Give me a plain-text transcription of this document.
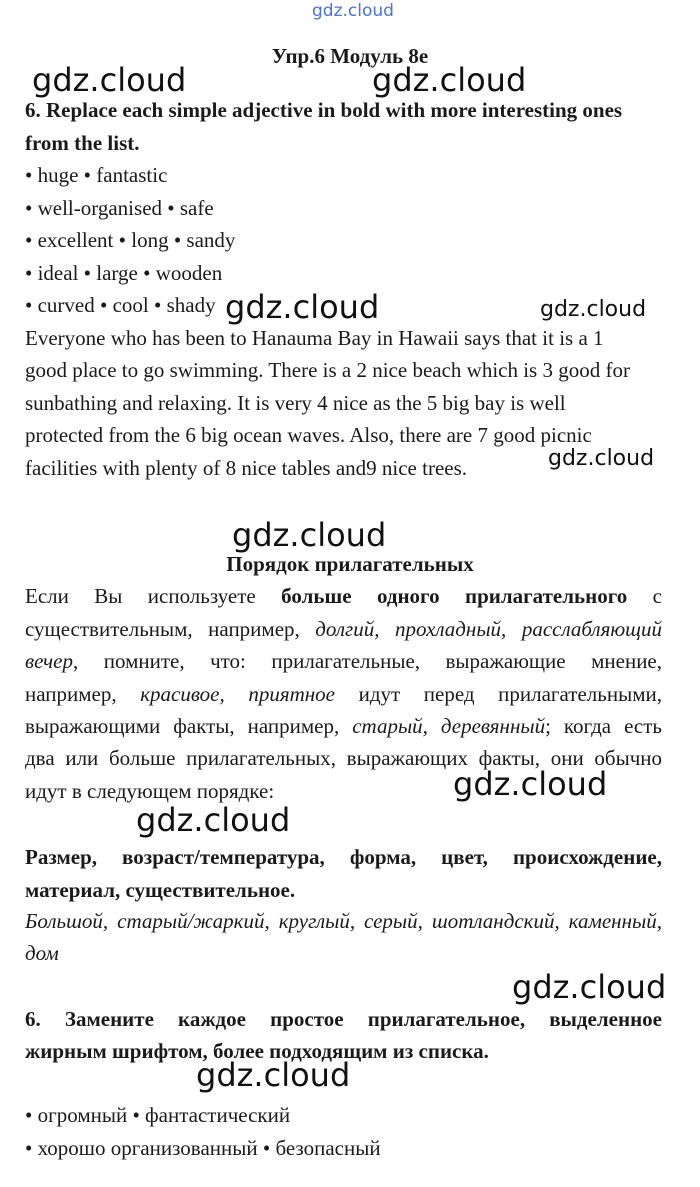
gdz.cloud
gdz.cloud	gdz.cloud
gdz.cloud	gdz.cloud
gdz.cloud
gdz.cloud
gdz.cloud
gdz.cloud
gdz.cloud
gdz.cloud
Упр.6 Модуль 8е
6. Replace each simple adjective in bold with more interesting ones
from the list.
• huge • fantastic
• well-organised • safe
• excellent • long • sandy
• ideal • large • wooden
• curved • cool • shady
Everyone who has been to Hanauma Bay in Hawaii says that it is a 1
good place to go swimming. There is a 2 nice beach which is 3 good for
sunbathing and relaxing. It is very 4 nice as the 5 big bay is well
protected from the 6 big ocean waves. Also, there are 7 good picnic
facilities with plenty of 8 nice tables and9 nice trees.
Порядок прилагательных
Если Вы используете больше одного прилагательного с
существительным, например, долгий, прохладный, расслабляющий
вечер, помните, что: прилагательные, выражающие мнение,
например, красивое, приятное идут перед прилагательными,
выражающими факты, например, старый, деревянный; когда есть
два или больше прилагательных, выражающих факты, они обычно
идут в следующем порядке:
Размер, возраст/температура, форма, цвет, происхождение,
материал, существительное.
Большой, старый/жаркий, круглый, серый, шотландский, каменный,
дом
6. Замените каждое простое прилагательное, выделенное
жирным шрифтом, более подходящим из списка.
• огромный • фантастический
• хорошо организованный • безопасный
